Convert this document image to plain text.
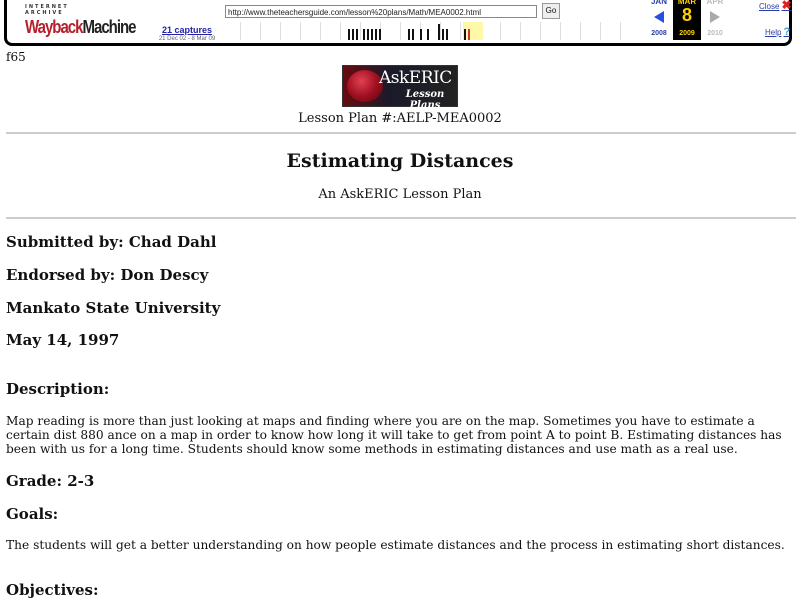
INTERNET ARCHIVE
WaybackMachine	21 captures
21 Dec 02 - 8 Mar 09
http://www.theteachersguide.com/lesson%20plans/Math/MEA0002.html	Go
JAN
2008
MAR
8
2009
APR
2010
Close ✖
Help ?
f65
AskERIC
Lesson Plans
Lesson Plan #:AELP-MEA0002
Estimating Distances
An AskERIC Lesson Plan
Submitted by: Chad Dahl
Endorsed by: Don Descy
Mankato State University
May 14, 1997
Description:
Map reading is more than just looking at maps and finding where you are on the map. Sometimes you have to estimate a certain dist 880 ance on a map in order to know how long it will take to get from point A to point B. Estimating distances has been with us for a long time. Students should know some methods in estimating distances and use math as a real use.
Grade: 2-3
Goals:
The students will get a better understanding on how people estimate distances and the process in estimating short distances.
Objectives:
